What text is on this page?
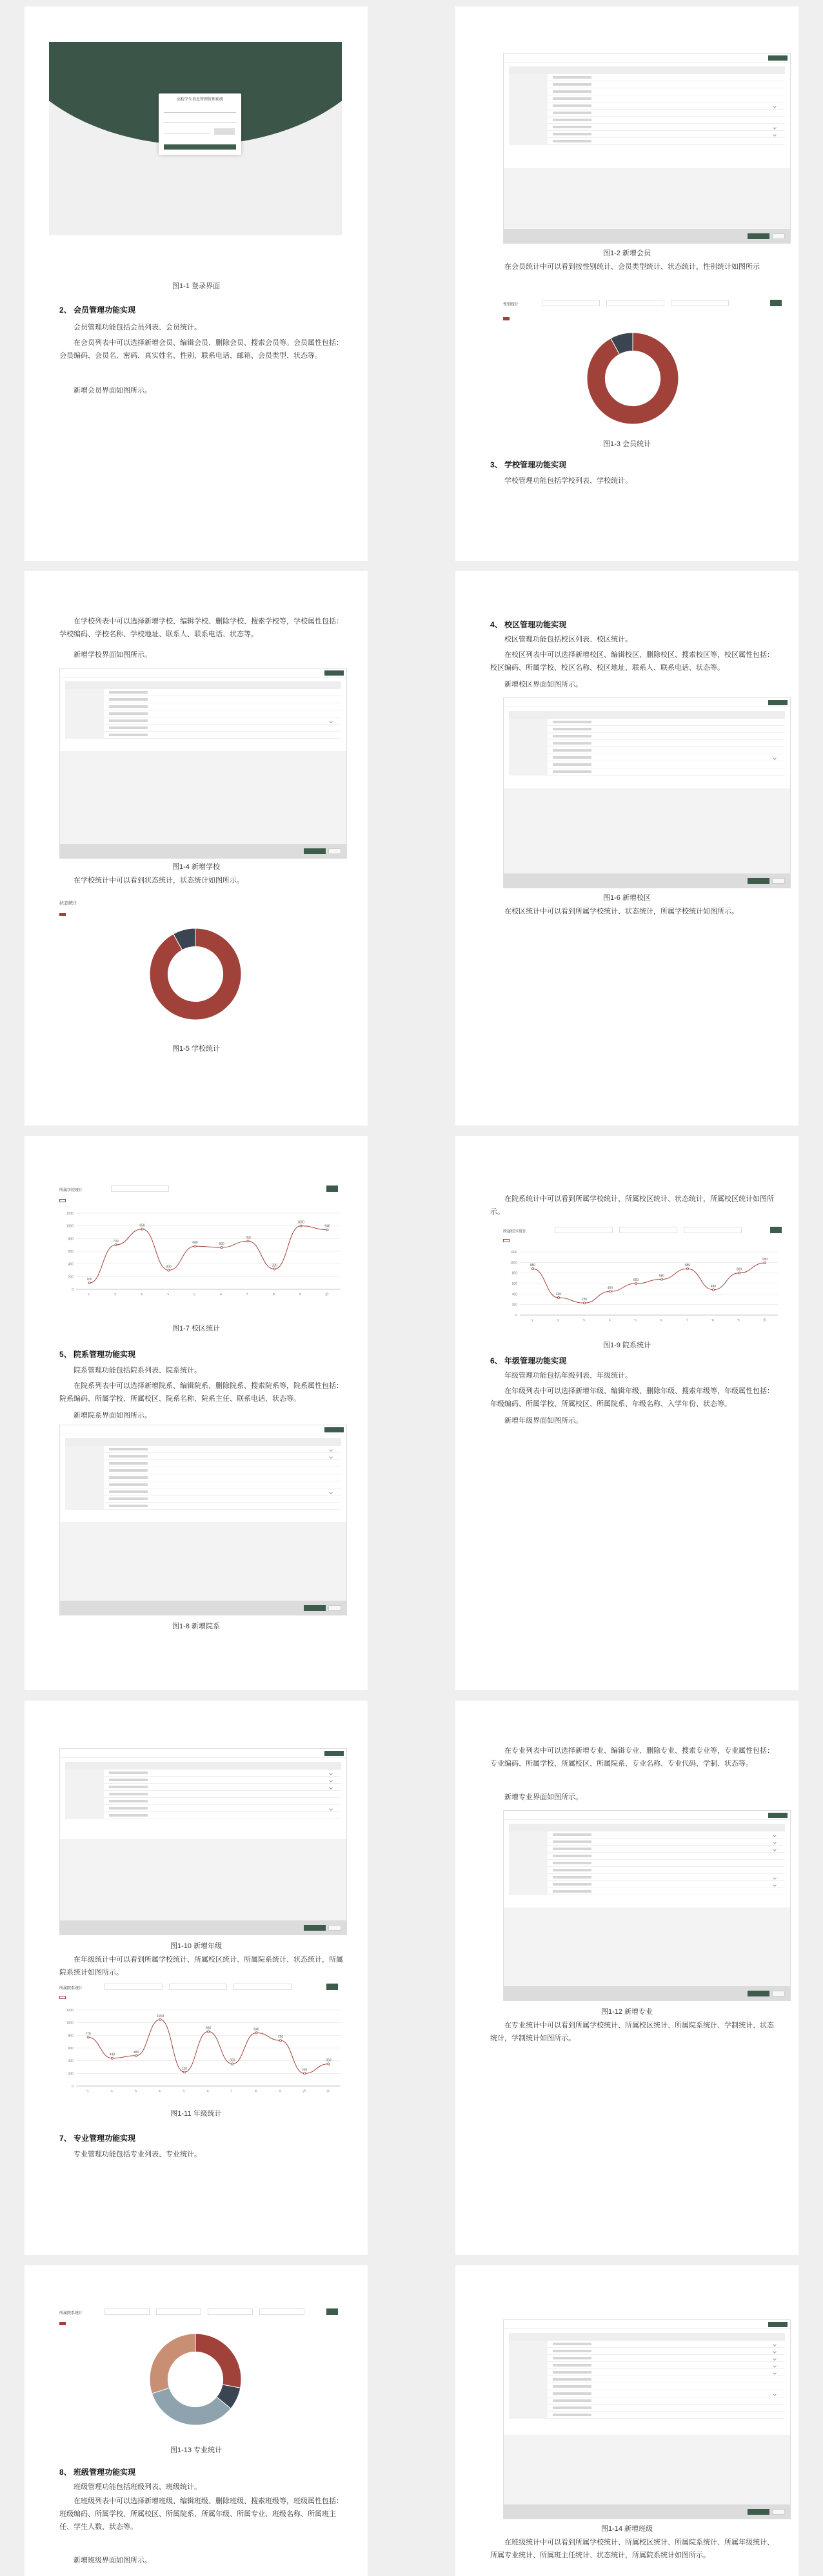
高校学生信息管理管理系统
图1-1 登录界面
2、 会员管理功能实现
会员管理功能包括会员列表、会员统计。
在会员列表中可以选择新增会员、编辑会员、删除会员、搜索会员等。会员属性包括：会员编码、会员名、密码、真实姓名、性别、联系电话、邮箱、会员类型、状态等。
新增会员界面如图所示。
图1-2 新增会员
在会员统计中可以看到按性别统计、会员类型统计、状态统计，性别统计如图所示
性别统计
图1-3 会员统计
3、 学校管理功能实现
学校管理功能包括学校列表、学校统计。
在学校列表中可以选择新增学校、编辑学校、删除学校、搜索学校等，学校属性包括：学校编码、学校名称、学校地址、联系人、联系电话、状态等。
新增学校界面如图所示。
图1-4 新增学校
在学校统计中可以看到状态统计，状态统计如图所示。
状态统计
图1-5 学校统计
4、 校区管理功能实现
校区管理功能包括校区列表、校区统计。
在校区列表中可以选择新增校区、编辑校区、删除校区、搜索校区等，校区属性包括：校区编码、所属学校、校区名称、校区地址、联系人、联系电话、状态等。
新增校区界面如图所示。
图1-6 新增校区
在校区统计中可以看到所属学校统计、状态统计，所属学校统计如图所示。
所属学校统计
0
200
400
600
800
1000
1200
100
1
700
2
950
3
300
4
680
5
660
6
760
7
320
8
1000
9
940
10
图1-7 校区统计
5、 院系管理功能实现
院系管理功能包括院系列表、院系统计。
在院系列表中可以选择新增院系、编辑院系、删除院系、搜索院系等，院系属性包括：院系编码、所属学校、所属校区、院系名称、院系主任、联系电话、状态等。
新增院系界面如图所示。
图1-8 新增院系
在院系统计中可以看到所属学校统计、所属校区统计、状态统计，所属校区统计如图所示。
所属校区统计
0
200
400
600
800
1000
1200
880
1
330
2
230
3
450
4
600
5
680
6
880
7
480
8
800
9
990
10
图1-9 院系统计
6、 年级管理功能实现
年级管理功能包括年级列表、年级统计。
在年级列表中可以选择新增年级、编辑年级、删除年级、搜索年级等，年级属性包括：年级编码、所属学校、所属校区、所属院系、年级名称、入学年份、状态等。
新增年级界面如图所示。
图1-10 新增年级
在年级统计中可以看到所属学校统计、所属校区统计、所属院系统计、状态统计，所属院系统计如图所示。
所属院系统计
0
200
400
600
800
1000
1200
770
1
440
2
480
3
1050
4
220
5
860
6
350
7
840
8
720
9
200
10
350
11
图1-11 年级统计
7、 专业管理功能实现
专业管理功能包括专业列表、专业统计。
在专业列表中可以选择新增专业、编辑专业、删除专业、搜索专业等，专业属性包括：专业编码、所属学校、所属校区、所属院系、专业名称、专业代码、学制、状态等。
新增专业界面如图所示。
图1-12 新增专业
在专业统计中可以看到所属学校统计、所属校区统计、所属院系统计、学制统计、状态统计，学制统计如图所示。
所属院系统计
图1-13 专业统计
8、 班级管理功能实现
班级管理功能包括班级列表、班级统计。
在班级列表中可以选择新增班级、编辑班级、删除班级、搜索班级等，班级属性包括：班级编码、所属学校、所属校区、所属院系、所属年级、所属专业、班级名称、所属班主任、学生人数、状态等。
新增班级界面如图所示。
图1-14 新增班级
在班级统计中可以看到所属学校统计、所属校区统计、所属院系统计、所属年级统计、所属专业统计、所属班主任统计、状态统计，所属院系统计如图所示。
